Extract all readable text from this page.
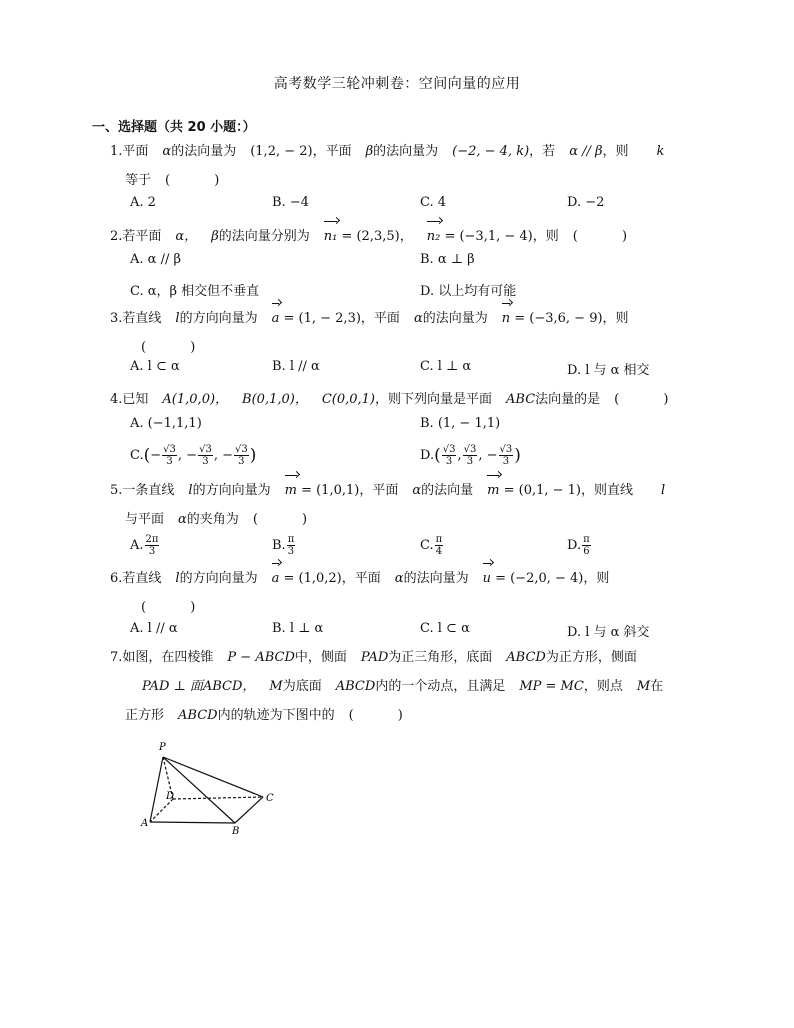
高考数学三轮冲刺卷：空间向量的应用
一、选择题（共 20 小题：）
1.平面 α的法向量为 (1,2, − 2)，平面 β的法向量为 (−2, − 4, k)，若 α // β，则 k
等于 ( )
A. 2	B. −4	C. 4	D. −2
2.若平面 α， β的法向量分别为 n₁ = (2,3,5)， n₂ = (−3,1, − 4)，则 ( )
A. α // β	B. α ⊥ β
C. α，β 相交但不垂直	D. 以上均有可能
3.若直线 l的方向向量为 a = (1, − 2,3)，平面 α的法向量为 n = (−3,6, − 9)，则
( )
A. l ⊂ α	B. l // α	C. l ⊥ α	D. l 与 α 相交
4.已知 A(1,0,0)， B(0,1,0)， C(0,0,1)，则下列向量是平面 ABC法向量的是 ( )
A. (−1,1,1)	B. (1, − 1,1)
$C.(- \frac{√3}{3}$ , − $\frac{√3}{3}$ , − $\frac{√3}{3}$ )	$D.( \frac{√3}{3}$ , $\frac{√3}{3}$ , − $\frac{√3}{3}$ )
5.一条直线 l的方向向量为 m = (1,0,1)，平面 α的法向量 m = (0,1, − 1)，则直线 l
与平面 α的夹角为 ( )
A. $\frac{2\pi}{3}$	B. $\frac{\pi}{3}$	C. $\frac{\pi}{4}$	D. $\frac{\pi}{6}$
6.若直线 l的方向向量为 a = (1,0,2)，平面 α的法向量为 u = (−2,0, − 4)，则
( )
A. l // α	B. l ⊥ α	C. l ⊂ α	D. l 与 α 斜交
7.如图，在四棱锥 P − ABCD中，侧面 PAD为正三角形，底面 ABCD为正方形，侧面
PAD ⊥ 面ABCD， M为底面 ABCD内的一个动点，且满足 MP = MC，则点 M在
正方形 ABCD内的轨迹为下图中的 ( )
P
D	C
A
B
